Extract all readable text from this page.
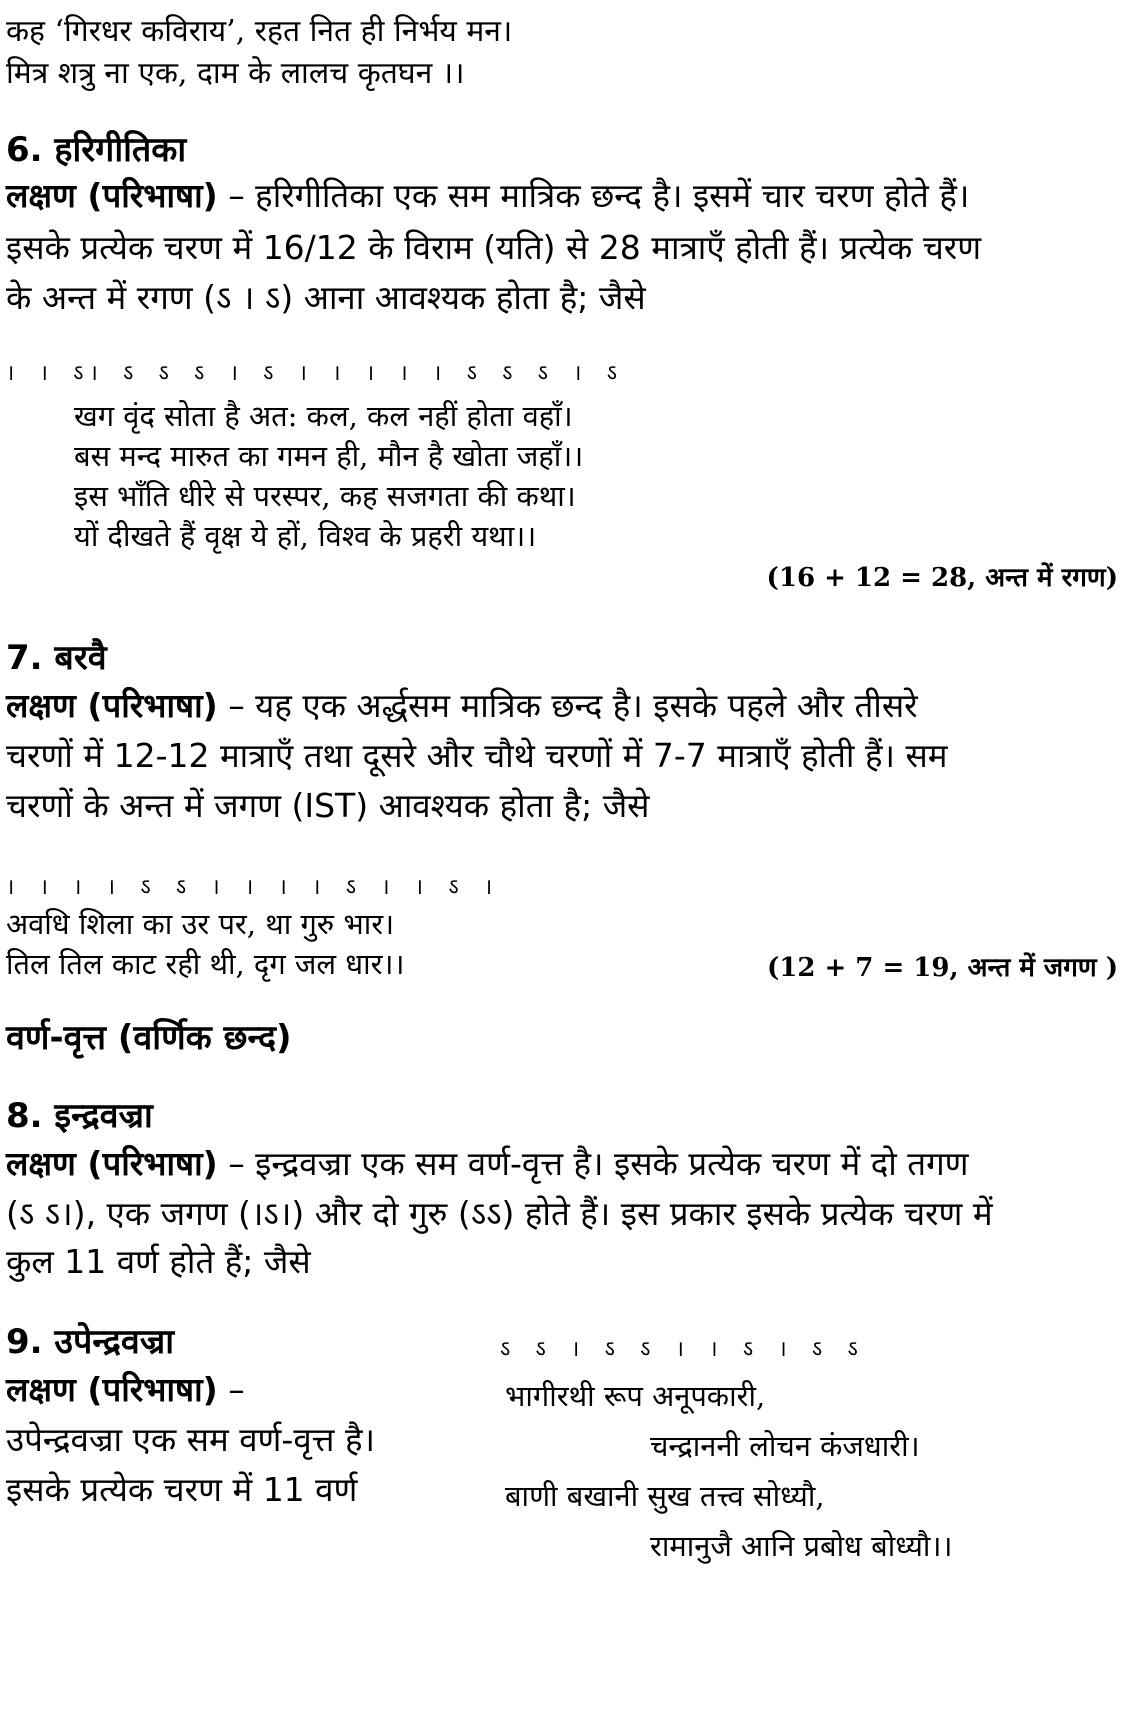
कह ‘गिरधर कविराय’, रहत नित ही निर्भय मन।
मित्र शत्रु ना एक, दाम के लालच कृतघन ।।
6. हरिगीतिका
लक्षण (परिभाषा) – हरिगीतिका एक सम मात्रिक छन्द है। इसमें चार चरण होते हैं।
इसके प्रत्येक चरण में 16/12 के विराम (यति) से 28 मात्राएँ होती हैं। प्रत्येक चरण
के अन्त में रगण (ऽ । ऽ) आना आवश्यक होता है; जैसे
। । ऽ। ऽ ऽ ऽ । ऽ । । । । । ऽ ऽ ऽ । ऽ
खग वृंद सोता है अत: कल, कल नहीं होता वहाँ।
बस मन्द मारुत का गमन ही, मौन है खोता जहाँ।।
इस भाँति धीरे से परस्पर, कह सजगता की कथा।
यों दीखते हैं वृक्ष ये हों, विश्व के प्रहरी यथा।।
(16 + 12 = 28, अन्त में रगण)
7. बरवै
लक्षण (परिभाषा) – यह एक अर्द्धसम मात्रिक छन्द है। इसके पहले और तीसरे
चरणों में 12-12 मात्राएँ तथा दूसरे और चौथे चरणों में 7-7 मात्राएँ होती हैं। सम
चरणों के अन्त में जगण (IST) आवश्यक होता है; जैसे
। । । । ऽ ऽ । । । । ऽ । । ऽ ।
अवधि शिला का उर पर, था गुरु भार।
तिल तिल काट रही थी, दृग जल धार।।	(12 + 7 = 19, अन्त में जगण )
वर्ण-वृत्त (वर्णिक छन्द)
8. इन्द्रवज्रा
लक्षण (परिभाषा) – इन्द्रवज्रा एक सम वर्ण-वृत्त है। इसके प्रत्येक चरण में दो तगण
(ऽ ऽ।), एक जगण (।ऽ।) और दो गुरु (ऽऽ) होते हैं। इस प्रकार इसके प्रत्येक चरण में
कुल 11 वर्ण होते हैं; जैसे
9. उपेन्द्रवज्रा
लक्षण (परिभाषा) –
उपेन्द्रवज्रा एक सम वर्ण-वृत्त है।
इसके प्रत्येक चरण में 11 वर्ण
ऽ ऽ । ऽ ऽ । । ऽ । ऽ ऽ
भागीरथी रूप अनूपकारी,
चन्द्राननी लोचन कंजधारी।
बाणी बखानी सुख तत्त्व सोध्यौ,
रामानुजै आनि प्रबोध बोध्यौ।।
